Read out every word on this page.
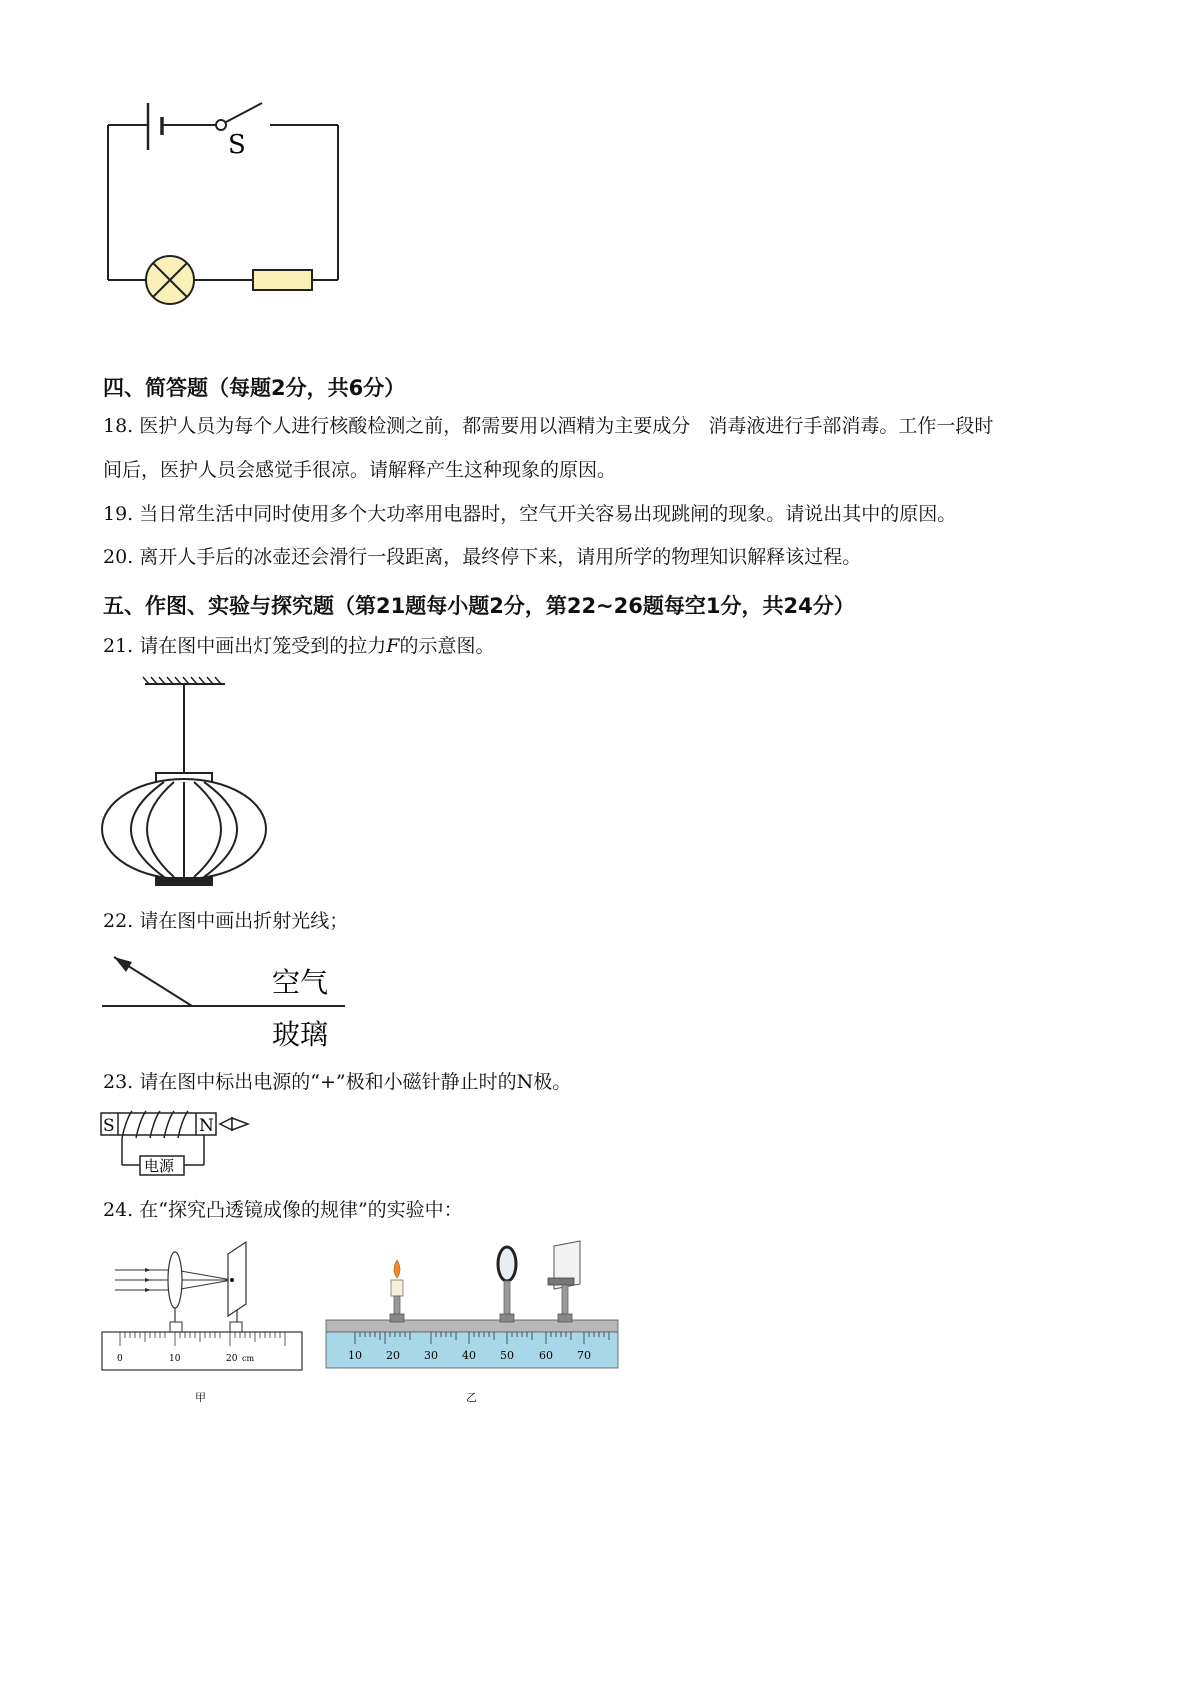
S
四、简答题（每题2分，共6分）
18. 医护人员为每个人进行核酸检测之前，都需要用以酒精为主要成分   消毒液进行手部消毒。工作一段时
间后，医护人员会感觉手很凉。请解释产生这种现象的原因。
19. 当日常生活中同时使用多个大功率用电器时，空气开关容易出现跳闸的现象。请说出其中的原因。
20. 离开人手后的冰壶还会滑行一段距离，最终停下来，请用所学的物理知识解释该过程。
五、作图、实验与探究题（第21题每小题2分，第22~26题每空1分，共24分）
21. 请在图中画出灯笼受到的拉力F的示意图。
22. 请在图中画出折射光线；
空气
玻璃
23. 请在图中标出电源的“+”极和小磁针静止时的N极。
S	N
电源
24. 在“探究凸透镜成像的规律”的实验中：
0	10	20 cm
甲
10 20 30 40 50 60 70
乙
